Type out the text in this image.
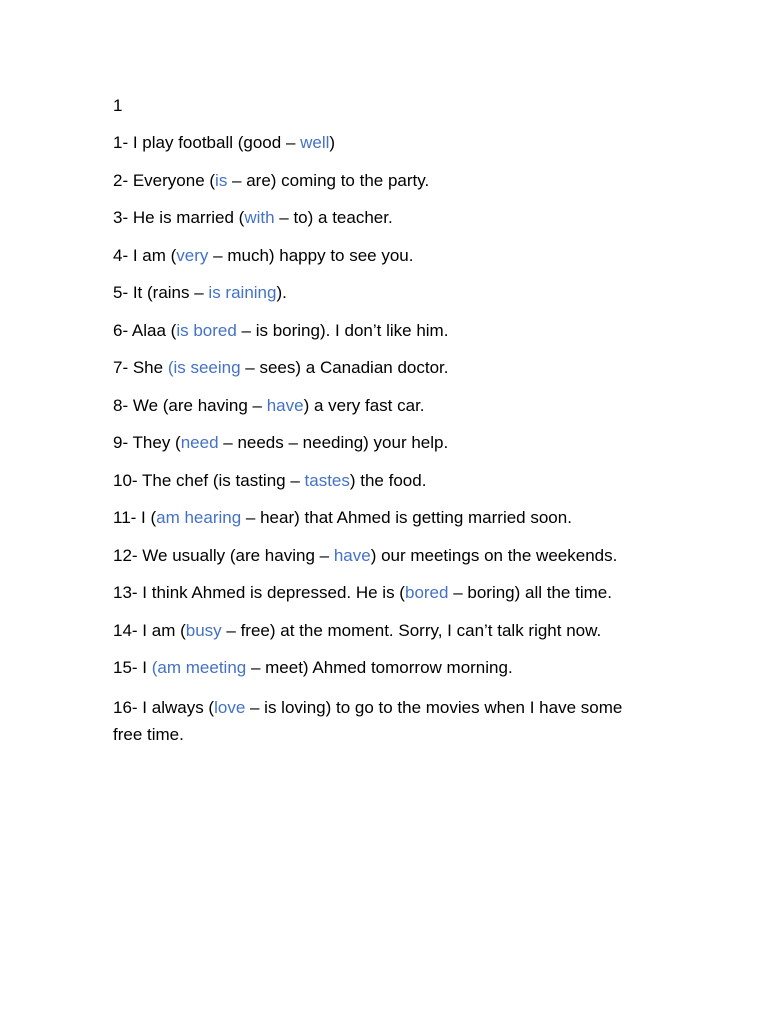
1
1- I play football (good – well)
2- Everyone (is – are) coming to the party.
3- He is married (with – to) a teacher.
4- I am (very – much) happy to see you.
5- It (rains – is raining).
6- Alaa (is bored – is boring). I don’t like him.
7- She (is seeing – sees) a Canadian doctor.
8- We (are having – have) a very fast car.
9- They (need – needs – needing) your help.
10- The chef (is tasting – tastes) the food.
11- I (am hearing – hear) that Ahmed is getting married soon.
12- We usually (are having – have) our meetings on the weekends.
13- I think Ahmed is depressed. He is (bored – boring) all the time.
14- I am (busy – free) at the moment. Sorry, I can’t talk right now.
15- I (am meeting – meet) Ahmed tomorrow morning.
16- I always (love – is loving) to go to the movies when I have some free time.
